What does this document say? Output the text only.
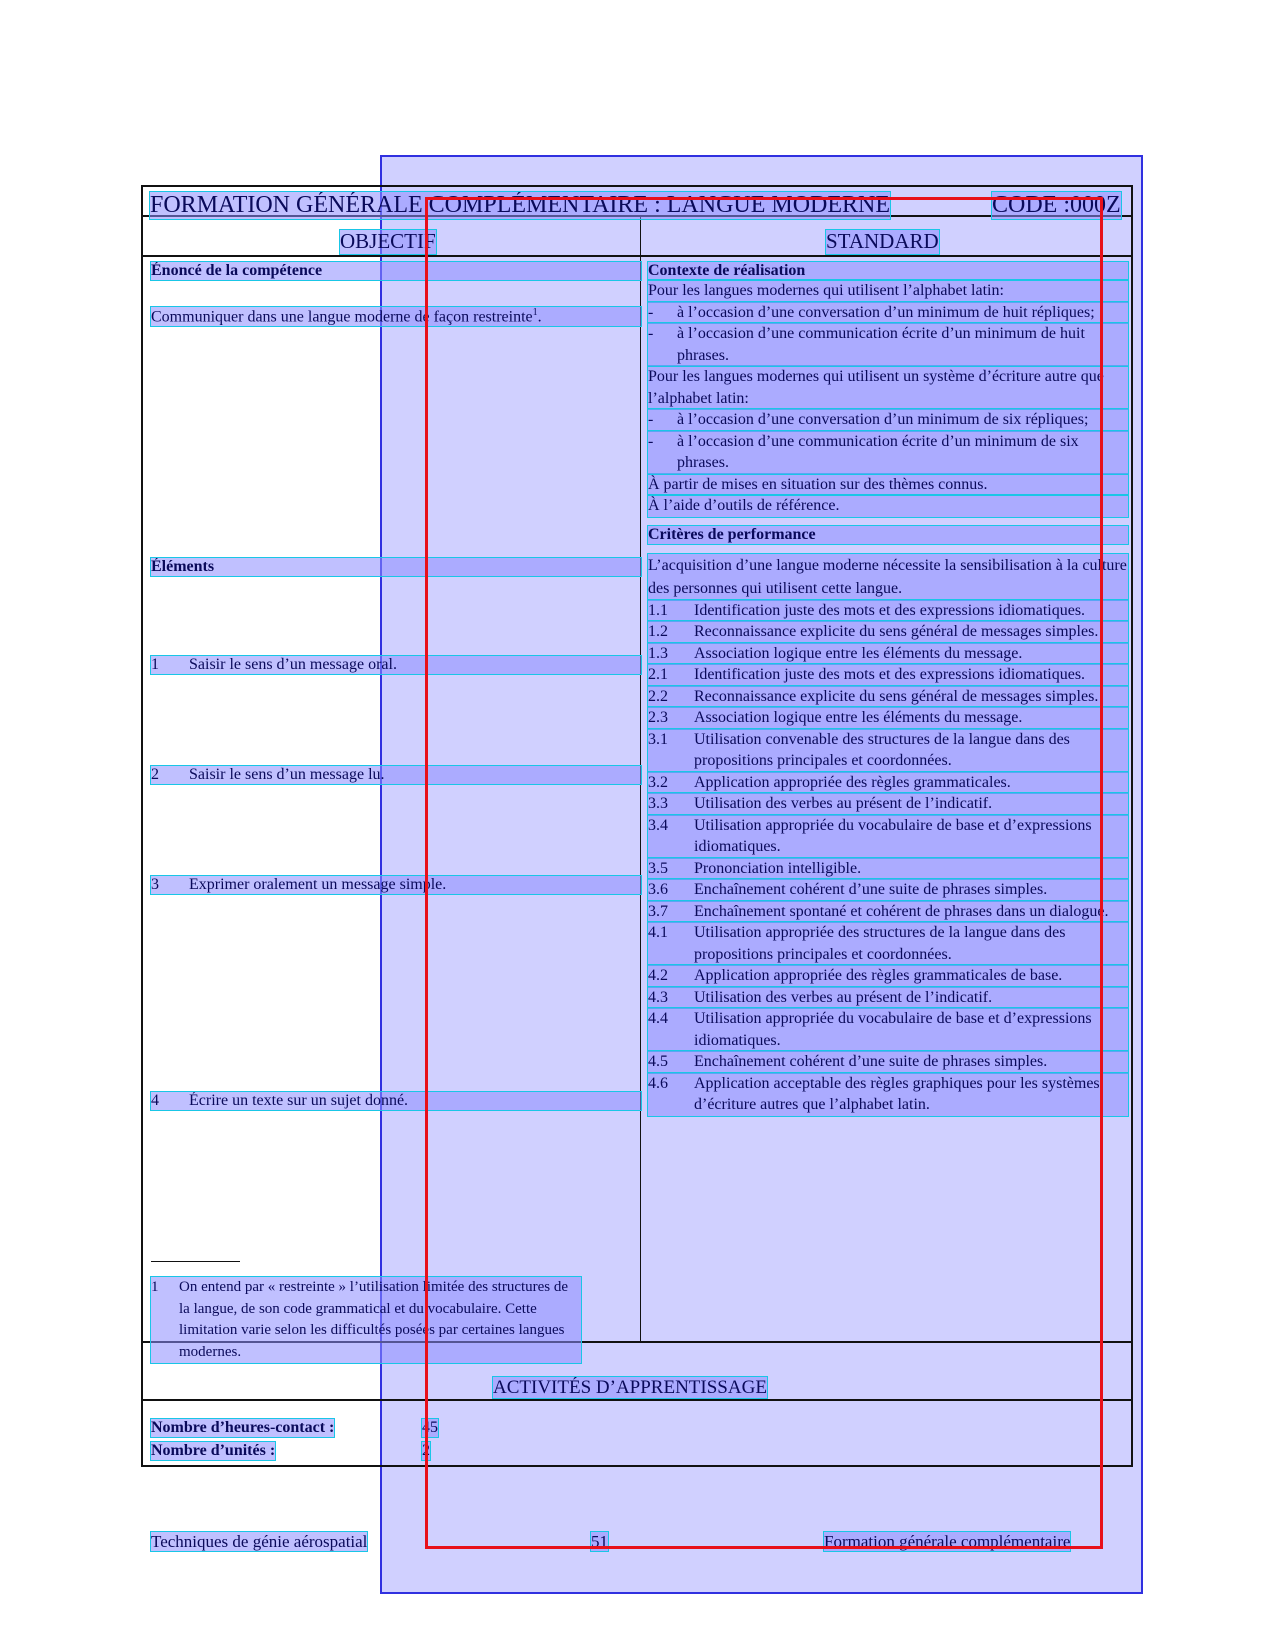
FORMATION GÉNÉRALE COMPLÉMENTAIRE : LANGUE MODERNE	CODE :000Z
OBJECTIF	STANDARD
Énoncé de la compétence
Communiquer dans une langue moderne de façon restreinte$^1$.
Éléments
1 Saisir le sens d’un message oral.
2 Saisir le sens d’un message lu.
3 Exprimer oralement un message simple.
4 Écrire un texte sur un sujet donné.
Contexte de réalisation
Pour les langues modernes qui utilisent l’alphabet latin:
- à l’occasion d’une conversation d’un minimum de huit répliques;
- à l’occasion d’une communication écrite d’un minimum de huit phrases.
Pour les langues modernes qui utilisent un système d’écriture autre que l’alphabet latin:
- à l’occasion d’une conversation d’un minimum de six répliques;
- à l’occasion d’une communication écrite d’un minimum de six phrases.
À partir de mises en situation sur des thèmes connus.
À l’aide d’outils de référence.
Critères de performance
L’acquisition d’une langue moderne nécessite la sensibilisation à la culture des personnes qui utilisent cette langue.
1.1 Identification juste des mots et des expressions idiomatiques.
1.2 Reconnaissance explicite du sens général de messages simples.
1.3 Association logique entre les éléments du message.
2.1 Identification juste des mots et des expressions idiomatiques.
2.2 Reconnaissance explicite du sens général de messages simples.
2.3 Association logique entre les éléments du message.
3.1 Utilisation convenable des structures de la langue dans des propositions principales et coordonnées.
3.2 Application appropriée des règles grammaticales.
3.3 Utilisation des verbes au présent de l’indicatif.
3.4 Utilisation appropriée du vocabulaire de base et d’expressions idiomatiques.
3.5 Prononciation intelligible.
3.6 Enchaînement cohérent d’une suite de phrases simples.
3.7 Enchaînement spontané et cohérent de phrases dans un dialogue.
4.1 Utilisation appropriée des structures de la langue dans des propositions principales et coordonnées.
4.2 Application appropriée des règles grammaticales de base.
4.3 Utilisation des verbes au présent de l’indicatif.
4.4 Utilisation appropriée du vocabulaire de base et d’expressions idiomatiques.
4.5 Enchaînement cohérent d’une suite de phrases simples.
4.6 Application acceptable des règles graphiques pour les systèmes d’écriture autres que l’alphabet latin.
1 On entend par « restreinte » l’utilisation limitée des structures de la langue, de son code grammatical et du vocabulaire. Cette limitation varie selon les difficultés posées par certaines langues modernes.
ACTIVITÉS D’APPRENTISSAGE
Nombre d’heures-contact :	45
Nombre d’unités :	2
Techniques de génie aérospatial	51	Formation générale complémentaire
